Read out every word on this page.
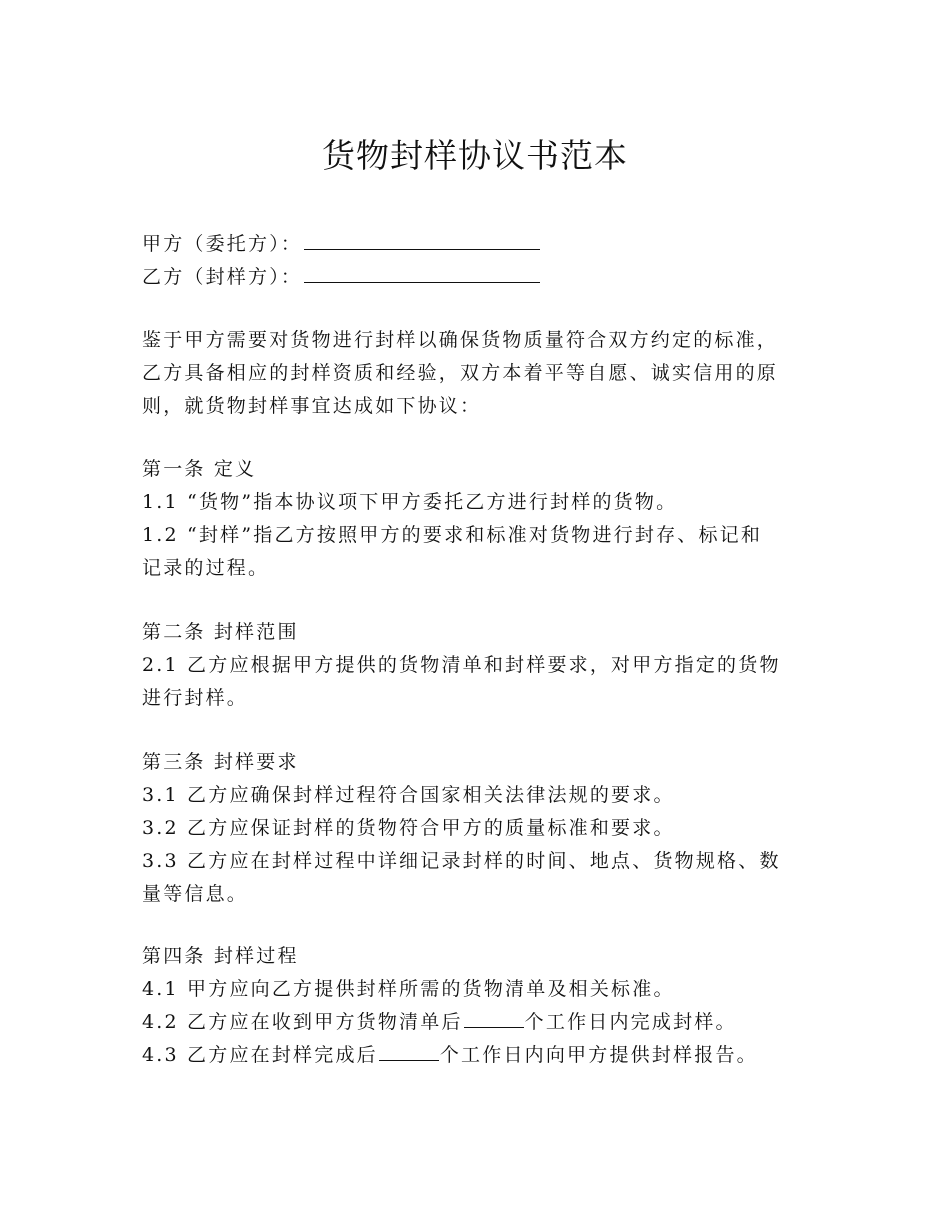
货物封样协议书范本
甲方（委托方）：
乙方（封样方）：
鉴于甲方需要对货物进行封样以确保货物质量符合双方约定的标准，
乙方具备相应的封样资质和经验，双方本着平等自愿、诚实信用的原
则，就货物封样事宜达成如下协议：
第一条 定义
1.1 “货物”指本协议项下甲方委托乙方进行封样的货物。
1.2 “封样”指乙方按照甲方的要求和标准对货物进行封存、标记和
记录的过程。
第二条 封样范围
2.1 乙方应根据甲方提供的货物清单和封样要求，对甲方指定的货物
进行封样。
第三条 封样要求
3.1 乙方应确保封样过程符合国家相关法律法规的要求。
3.2 乙方应保证封样的货物符合甲方的质量标准和要求。
3.3 乙方应在封样过程中详细记录封样的时间、地点、货物规格、数
量等信息。
第四条 封样过程
4.1 甲方应向乙方提供封样所需的货物清单及相关标准。
4.2 乙方应在收到甲方货物清单后	个工作日内完成封样。
4.3 乙方应在封样完成后	个工作日内向甲方提供封样报告。
